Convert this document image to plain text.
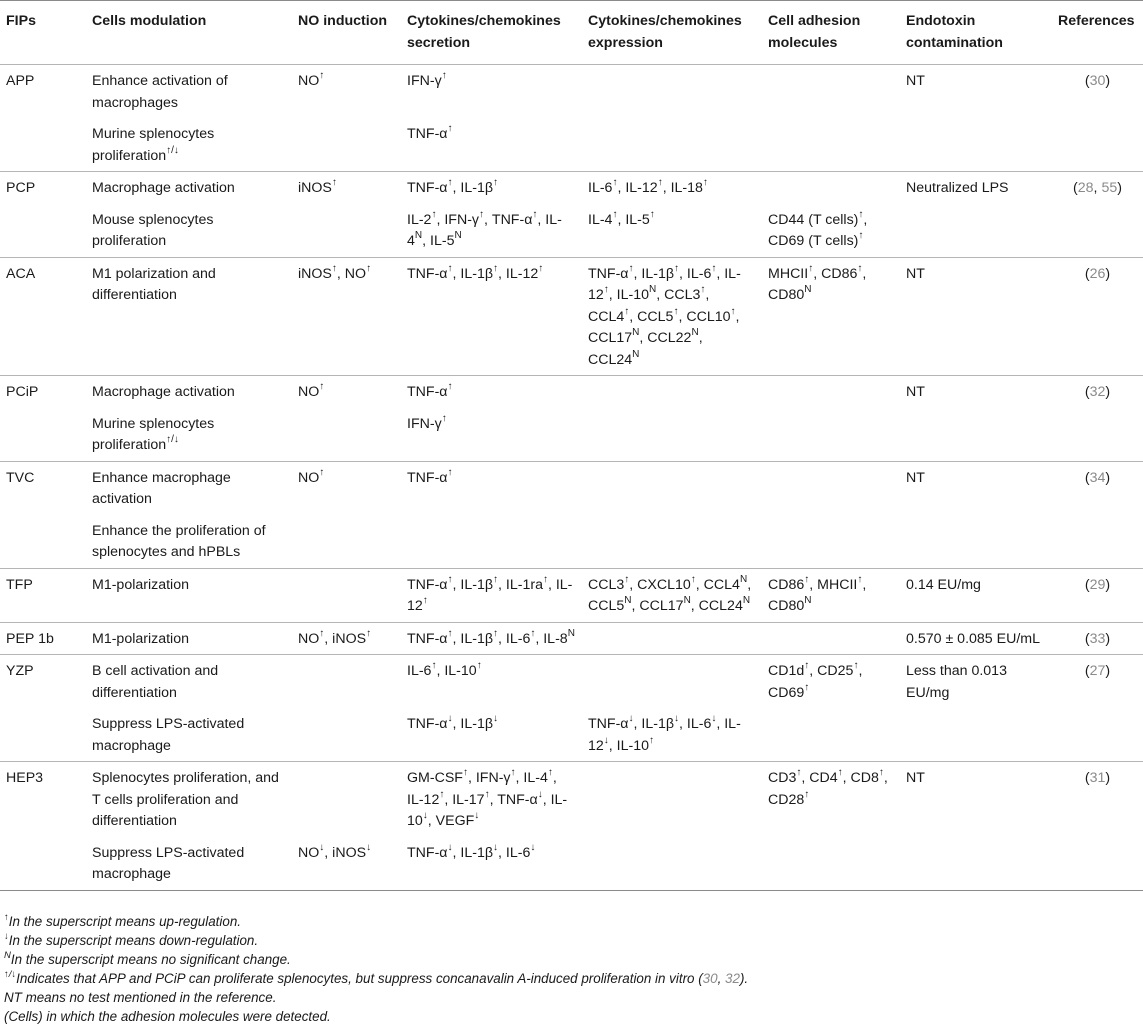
FIPs	Cells modulation	NO induction	Cytokines/chemokines secretion	Cytokines/chemokines expression	Cell adhesion molecules	Endotoxin contamination	References
APP	Enhance activation of macrophages	NO↑	IFN-γ↑			NT	(30)
	Murine splenocytes proliferation↑/↓		TNF-α↑				
PCP	Macrophage activation	iNOS↑	TNF-α↑, IL-1β↑	IL-6↑, IL-12↑, IL-18↑		Neutralized LPS	(28, 55)
	Mouse splenocytes proliferation		IL-2↑, IFN-γ↑, TNF-α↑, $IL-4^N$, $IL-5^N$	IL-4↑, IL-5↑	CD44 (T cells)↑, CD69 (T cells)↑		
ACA	M1 polarization and differentiation	iNOS↑, NO↑	TNF-α↑, IL-1β↑, IL-12↑	TNF-α↑, IL-1β↑, IL-6↑, IL-12↑, $IL-10^N$, CCL3↑, CCL4↑, CCL5↑, CCL10↑, $CCL17^N$, $CCL22^N$, $CCL24^N$	MHCII↑, CD86↑, $CD80^N$	NT	(26)
PCiP	Macrophage activation	NO↑	TNF-α↑			NT	(32)
	Murine splenocytes proliferation↑/↓		IFN-γ↑				
TVC	Enhance macrophage activation	NO↑	TNF-α↑			NT	(34)
	Enhance the proliferation of splenocytes and hPBLs						
TFP	M1-polarization		TNF-α↑, IL-1β↑, IL-1ra↑, IL-12↑	CCL3↑, CXCL10↑, $CCL4^N$, $CCL5^N$, $CCL17^N$, $CCL24^N$	CD86↑, MHCII↑, $CD80^N$	0.14 EU/mg	(29)
PEP 1b	M1-polarization	NO↑, iNOS↑	TNF-α↑, IL-1β↑, IL-6↑, $IL-8^N$			0.570 ± 0.085 EU/mL	(33)
YZP	B cell activation and differentiation		IL-6↑, IL-10↑		CD1d↑, CD25↑, CD69↑	Less than 0.013 EU/mg	(27)
	Suppress LPS-activated macrophage		TNF-α↓, IL-1β↓	TNF-α↓, IL-1β↓, IL-6↓, IL-12↓, IL-10↑			
HEP3	Splenocytes proliferation, and T cells proliferation and differentiation		GM-CSF↑, IFN-γ↑, IL-4↑, IL-12↑, IL-17↑, TNF-α↓, IL-10↓, VEGF↓		CD3↑, CD4↑, CD8↑, CD28↑	NT	(31)
	Suppress LPS-activated macrophage	NO↓, iNOS↓	TNF-α↓, IL-1β↓, IL-6↓				
↑In the superscript means up-regulation.
↓In the superscript means down-regulation.
$^N$In the superscript means no significant change.
↑/↓Indicates that APP and PCiP can proliferate splenocytes, but suppress concanavalin A-induced proliferation in vitro (30, 32).
NT means no test mentioned in the reference.
(Cells) in which the adhesion molecules were detected.
